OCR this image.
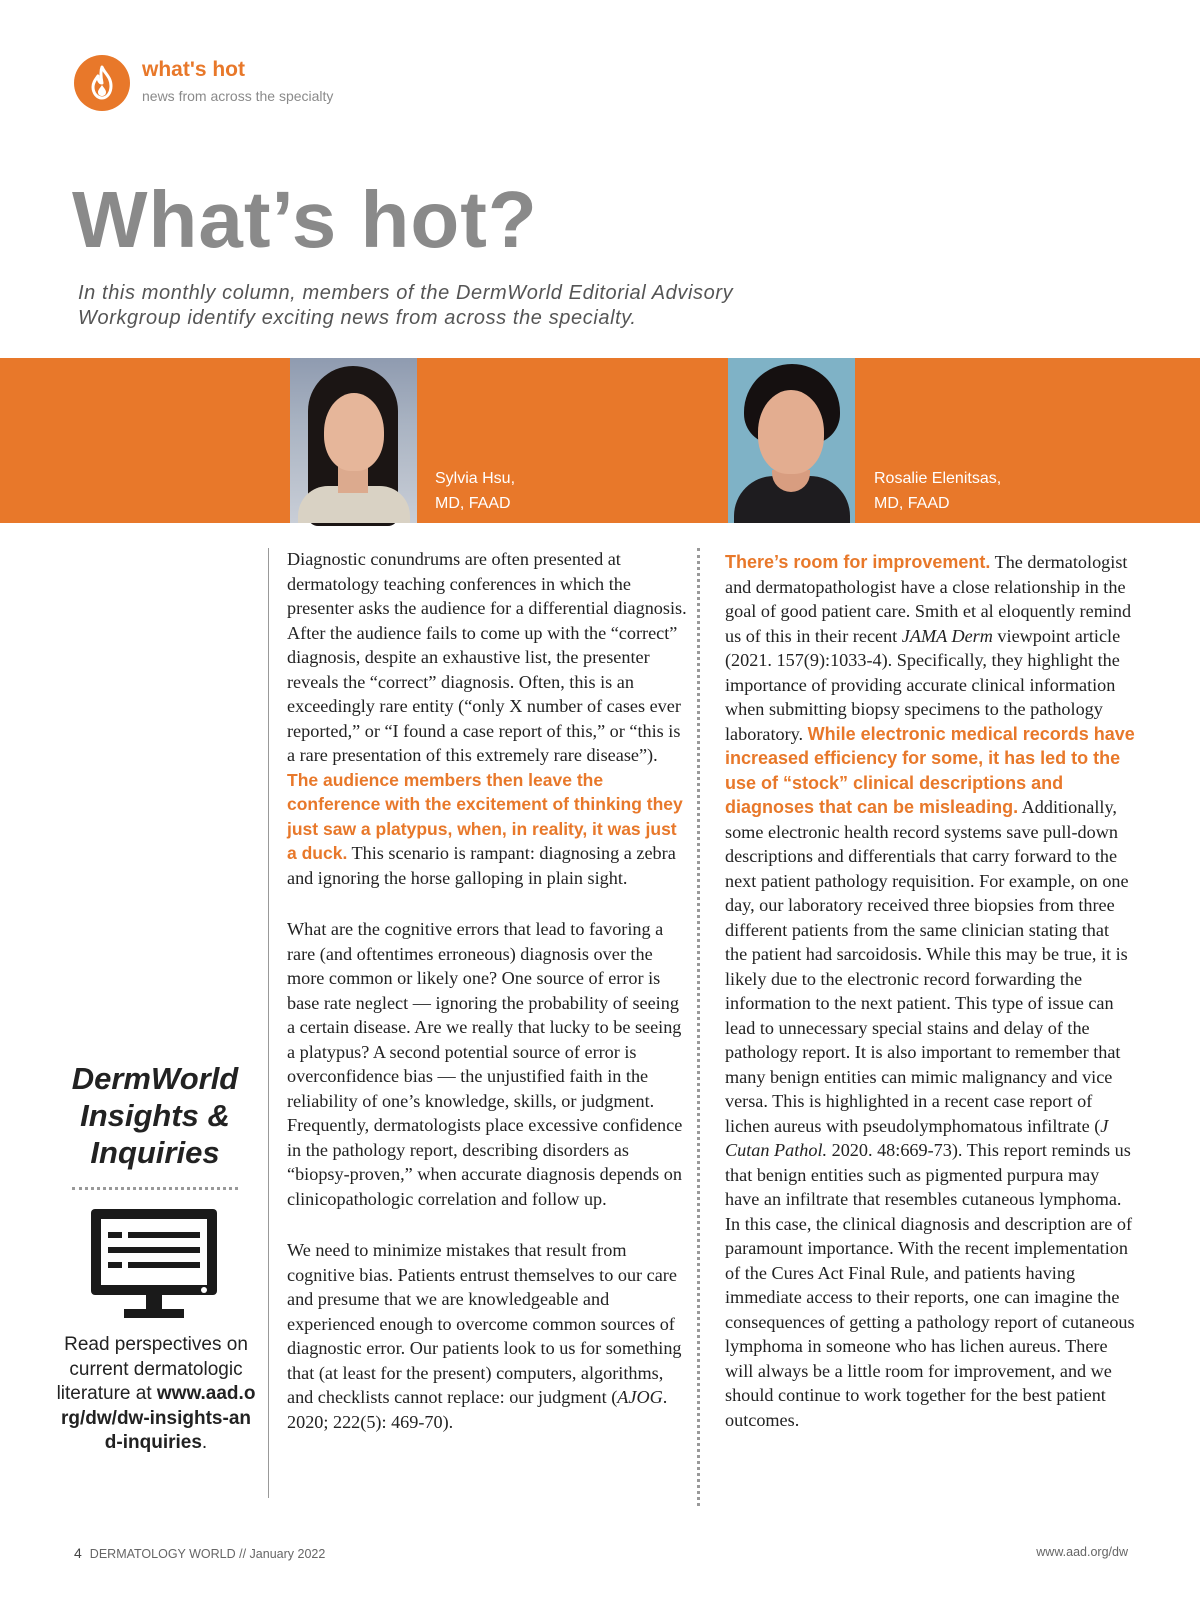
what's hot
news from across the specialty
What’s hot?
In this monthly column, members of the DermWorld Editorial Advisory Workgroup identify exciting news from across the specialty.
Sylvia Hsu,
MD, FAAD
Rosalie Elenitsas,
MD, FAAD
DermWorld
Insights &
Inquiries
Read perspectives on current dermatologic literature at www.aad.org/dw/dw-insights-and-inquiries.

Diagnostic conundrums are often presented at dermatology teaching conferences in which the presenter asks the audience for a differential diagnosis. After the audience fails to come up with the “correct” diagnosis, despite an exhaustive list, the presenter reveals the “correct” diagnosis. Often, this is an exceedingly rare entity (“only X number of cases ever reported,” or “I found a case report of this,” or “this is a rare presentation of this extremely rare disease”). The audience members then leave the conference with the excitement of thinking they just saw a platypus, when, in reality, it was just a duck. This scenario is rampant: diagnosing a zebra and ignoring the horse galloping in plain sight.

What are the cognitive errors that lead to favoring a rare (and oftentimes erroneous) diagnosis over the more common or likely one? One source of error is base rate neglect — ignoring the probability of seeing a certain disease. Are we really that lucky to be seeing a platypus? A second potential source of error is overconfidence bias — the unjustified faith in the reliability of one’s knowledge, skills, or judgment. Frequently, dermatologists place excessive confidence in the pathology report, describing disorders as “biopsy-proven,” when accurate diagnosis depends on clinicopathologic correlation and follow up.

We need to minimize mistakes that result from cognitive bias. Patients entrust themselves to our care and presume that we are knowledgeable and experienced enough to overcome common sources of diagnostic error. Our patients look to us for something that (at least for the present) computers, algorithms, and checklists cannot replace: our judgment (AJOG. 2020; 222(5): 469-70).

There’s room for improvement. The dermatologist and dermatopathologist have a close relationship in the goal of good patient care. Smith et al eloquently remind us of this in their recent JAMA Derm viewpoint article (2021. 157(9):1033-4). Specifically, they highlight the importance of providing accurate clinical information when submitting biopsy specimens to the pathology laboratory. While electronic medical records have increased efficiency for some, it has led to the use of “stock” clinical descriptions and diagnoses that can be misleading. Additionally, some electronic health record systems save pull-down descriptions and differentials that carry forward to the next patient pathology requisition. For example, on one day, our laboratory received three biopsies from three different patients from the same clinician stating that the patient had sarcoidosis. While this may be true, it is likely due to the electronic record forwarding the information to the next patient. This type of issue can lead to unnecessary special stains and delay of the pathology report. It is also important to remember that many benign entities can mimic malignancy and vice versa. This is highlighted in a recent case report of lichen aureus with pseudolymphomatous infiltrate (J Cutan Pathol. 2020. 48:669-73). This report reminds us that benign entities such as pigmented purpura may have an infiltrate that resembles cutaneous lymphoma. In this case, the clinical diagnosis and description are of paramount importance. With the recent implementation of the Cures Act Final Rule, and patients having immediate access to their reports, one can imagine the consequences of getting a pathology report of cutaneous lymphoma in someone who has lichen aureus. There will always be a little room for improvement, and we should continue to work together for the best patient outcomes.

4 DERMATOLOGY WORLD // January 2022	www.aad.org/dw
